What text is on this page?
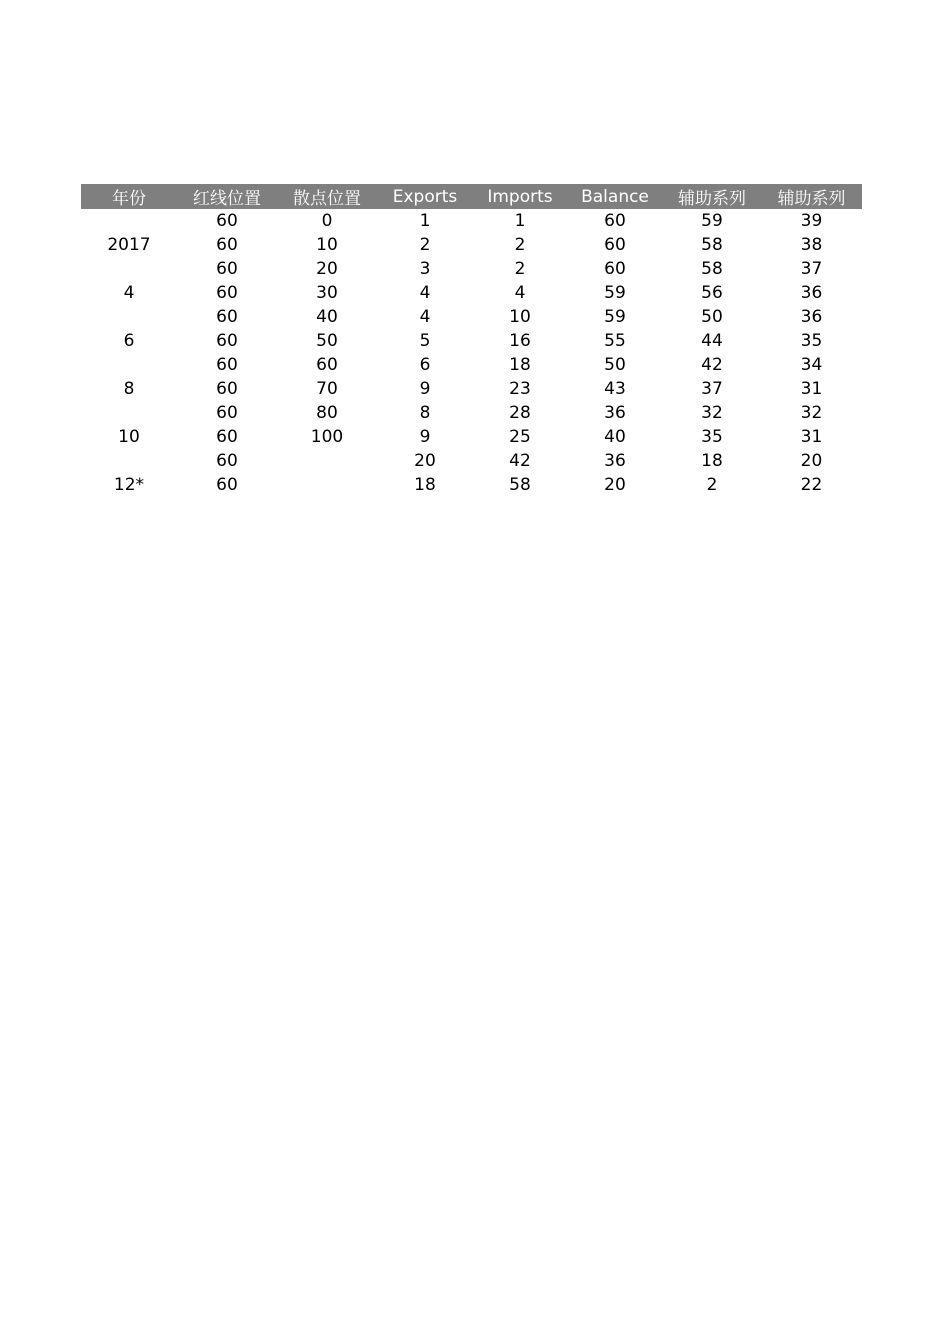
年份	红线位置	散点位置	Exports	Imports	Balance	辅助系列	辅助系列
	60	0	1	1	60	59	39
2017	60	10	2	2	60	58	38
	60	20	3	2	60	58	37
4	60	30	4	4	59	56	36
	60	40	4	10	59	50	36
6	60	50	5	16	55	44	35
	60	60	6	18	50	42	34
8	60	70	9	23	43	37	31
	60	80	8	28	36	32	32
10	60	100	9	25	40	35	31
	60		20	42	36	18	20
12*	60		18	58	20	2	22
